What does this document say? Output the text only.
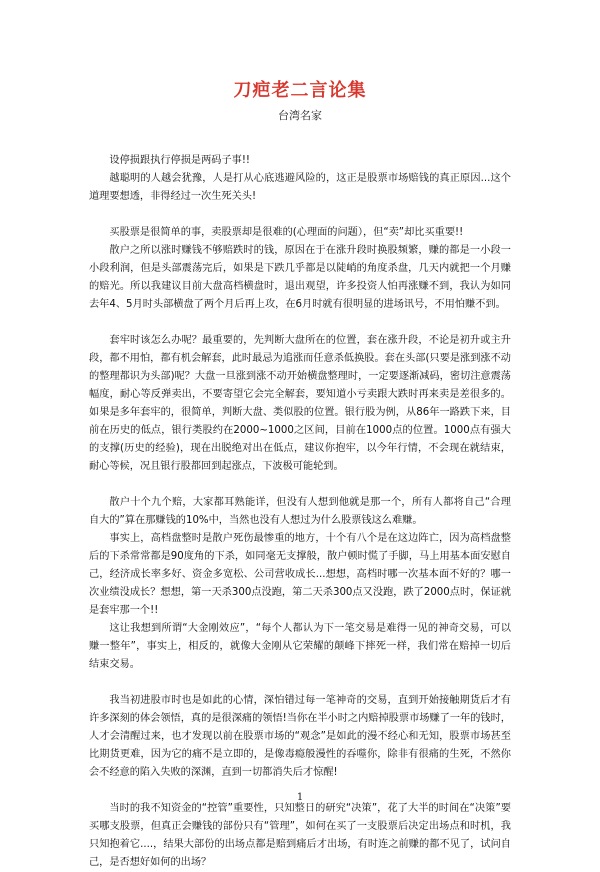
刀疤老二言论集
台湾名家

设停损跟执行停损是两码子事!!

越聪明的人越会犹豫，人是打从心底逃避风险的，这正是股票市场赔钱的真正原因...这个道理要想透，非得经过一次生死关头!

买股票是很简单的事，卖股票却是很难的(心理面的问题），但“卖”却比买重要!!

散户之所以涨时赚钱不够赔跌时的钱，原因在于在涨升段时换股频繁，赚的都是一小段一小段利润，但是头部震荡完后，如果是下跌几乎都是以陡峭的角度杀盘，几天内就把一个月赚的赔光。所以我建议目前大盘高档横盘时，退出观望，许多投资人怕再涨赚不到，我认为如同去年4、5月时头部横盘了两个月后再上攻，在6月时就有很明显的进场讯号，不用怕赚不到。

套牢时该怎么办呢？最重要的，先判断大盘所在的位置，套在涨升段，不论是初升或主升段，都不用怕，都有机会解套，此时最忌为追涨而任意杀低换股。套在头部(只要是涨到涨不动的整理都识为头部)呢？大盘一旦涨到涨不动开始横盘整理时，一定要逐渐减码，密切注意震荡幅度，耐心等反弹卖出，不要寄望它会完全解套，要知道小亏卖跟大跌时再来卖是差很多的。如果是多年套牢的，很简单，判断大盘、类似股的位置。银行股为例，从86年一路跌下来，目前在历史的低点，银行类股约在2000~1000之区间，目前在1000点的位置。1000点有强大的支撑(历史的经验)，现在出脱绝对出在低点，建议你抱牢，以今年行情，不会现在就结束，耐心等候，况且银行股都回到起涨点，下波极可能轮到。

散户十个九个赔，大家都耳熟能详，但没有人想到他就是那一个，所有人都将自己“合理自大的”算在那赚钱的10%中，当然也没有人想过为什么股票钱这么难赚。

事实上，高档盘整时是散户死伤最惨重的地方，十个有八个是在这边阵亡，因为高档盘整后的下杀常常都是90度角的下杀，如同毫无支撑般，散户顿时慌了手脚，马上用基本面安慰自己，经济成长率多好、资金多宽松、公司营收成长...想想，高档时哪一次基本面不好的？哪一次业绩没成长？想想，第一天杀300点没跑，第二天杀300点又没跑，跌了2000点时，保证就是套牢那一个!!

这让我想到所谓“大金刚效应”，“每个人都认为下一笔交易是难得一见的神奇交易，可以赚一整年”，事实上，相反的，就像大金刚从它荣耀的颠峰下摔死一样，我们常在赔掉一切后结束交易。

我当初进股市时也是如此的心情，深怕错过每一笔神奇的交易，直到开始接触期货后才有许多深刻的体会领悟，真的是很深痛的领悟!当你在半小时之内赔掉股票市场赚了一年的钱时，人才会清醒过来，也才发现以前在股票市场的“观念”是如此的漫不经心和无知，股票市场甚至比期货更难，因为它的痛不是立即的，是像毒瘾般漫性的吞噬你，除非有很痛的生死，不然你会不经意的陷入失败的深渊，直到一切都消失后才惊醒!

当时的我不知资金的“控管”重要性，只知整日的研究“决策”，花了大半的时间在“决策”要买哪支股票，但真正会赚钱的部份只有“管理”，如何在买了一支股票后决定出场点和时机，我只知抱着它....，结果大部份的出场点都是赔到痛后才出场，有时连之前赚的都不见了，试问自己，是否想好如何的出场？

1
